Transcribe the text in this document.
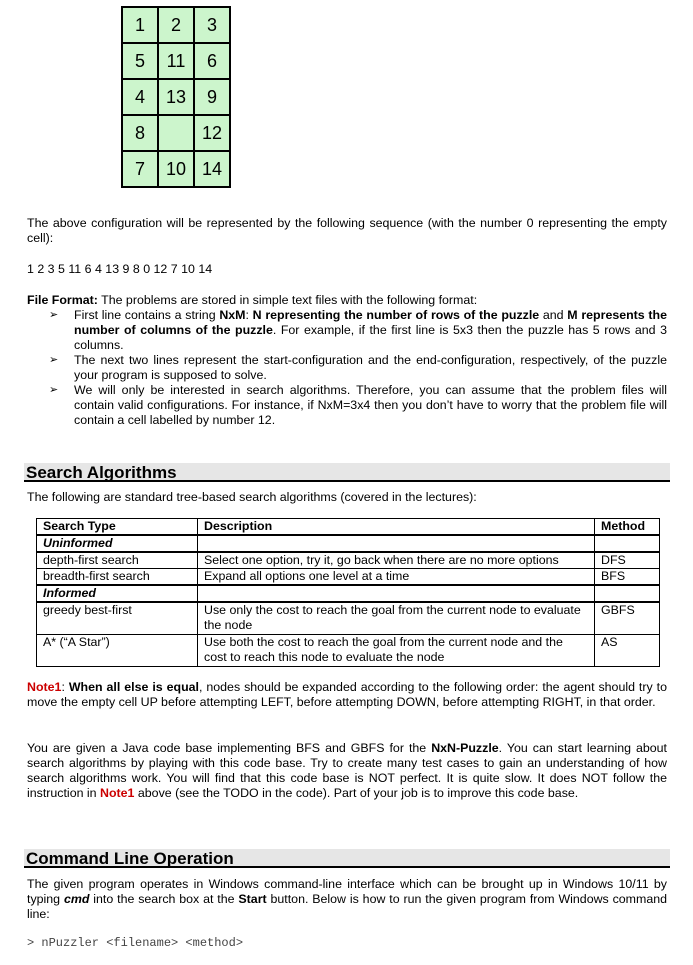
1	2	3
5	11	6
4	13	9
8		12
7	10	14

The above configuration will be represented by the following sequence (with the number 0 representing the empty cell):

1 2 3 5 11 6 4 13 9 8 0 12 7 10 14
File Format: The problems are stored in simple text files with the following format:
➢ First line contains a string NxM: N representing the number of rows of the puzzle and M represents the number of columns of the puzzle. For example, if the first line is 5x3 then the puzzle has 5 rows and 3 columns.
➢ The next two lines represent the start-configuration and the end-configuration, respectively, of the puzzle your program is supposed to solve.
➢ We will only be interested in search algorithms. Therefore, you can assume that the problem files will contain valid configurations. For instance, if NxM=3x4 then you don’t have to worry that the problem file will contain a cell labelled by number 12.
Search Algorithms

The following are standard tree-based search algorithms (covered in the lectures):

Search Type	Description	Method
Uninformed		
depth-first search	Select one option, try it, go back when there are no more options	DFS
breadth-first search	Expand all options one level at a time	BFS
Informed		
greedy best-first	Use only the cost to reach the goal from the current node to evaluate the node	GBFS
A* (“A Star”)	Use both the cost to reach the goal from the current node and the cost to reach this node to evaluate the node	AS

Note1: When all else is equal, nodes should be expanded according to the following order: the agent should try to move the empty cell UP before attempting LEFT, before attempting DOWN, before attempting RIGHT, in that order.

You are given a Java code base implementing BFS and GBFS for the NxN-Puzzle. You can start learning about search algorithms by playing with this code base. Try to create many test cases to gain an understanding of how search algorithms work. You will find that this code base is NOT perfect. It is quite slow. It does NOT follow the instruction in Note1 above (see the TODO in the code). Part of your job is to improve this code base.

Command Line Operation

The given program operates in Windows command-line interface which can be brought up in Windows 10/11 by typing cmd into the search box at the Start button. Below is how to run the given program from Windows command line:

> nPuzzler <filename> <method>
